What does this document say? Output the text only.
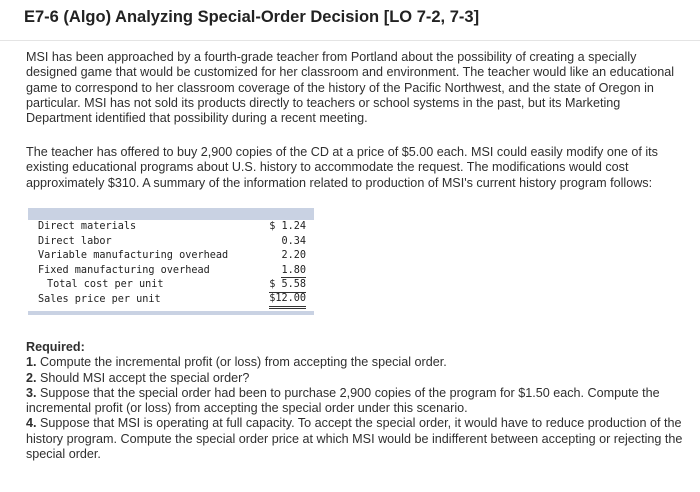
E7-6 (Algo) Analyzing Special-Order Decision [LO 7-2, 7-3]

MSI has been approached by a fourth-grade teacher from Portland about the possibility of creating a specially designed game that would be customized for her classroom and environment. The teacher would like an educational game to correspond to her classroom coverage of the history of the Pacific Northwest, and the state of Oregon in particular. MSI has not sold its products directly to teachers or school systems in the past, but its Marketing Department identified that possibility during a recent meeting.

The teacher has offered to buy 2,900 copies of the CD at a price of $5.00 each. MSI could easily modify one of its existing educational programs about U.S. history to accommodate the request. The modifications would cost approximately $310. A summary of the information related to production of MSI's current history program follows:

Direct materials	$ 1.24
Direct labor	0.34
Variable manufacturing overhead	2.20
Fixed manufacturing overhead	1.80
Total cost per unit	$ 5.58
Sales price per unit	$12.00
Required:
1. Compute the incremental profit (or loss) from accepting the special order.
2. Should MSI accept the special order?
3. Suppose that the special order had been to purchase 2,900 copies of the program for $1.50 each. Compute the incremental profit (or loss) from accepting the special order under this scenario.
4. Suppose that MSI is operating at full capacity. To accept the special order, it would have to reduce production of the history program. Compute the special order price at which MSI would be indifferent between accepting or rejecting the special order.
